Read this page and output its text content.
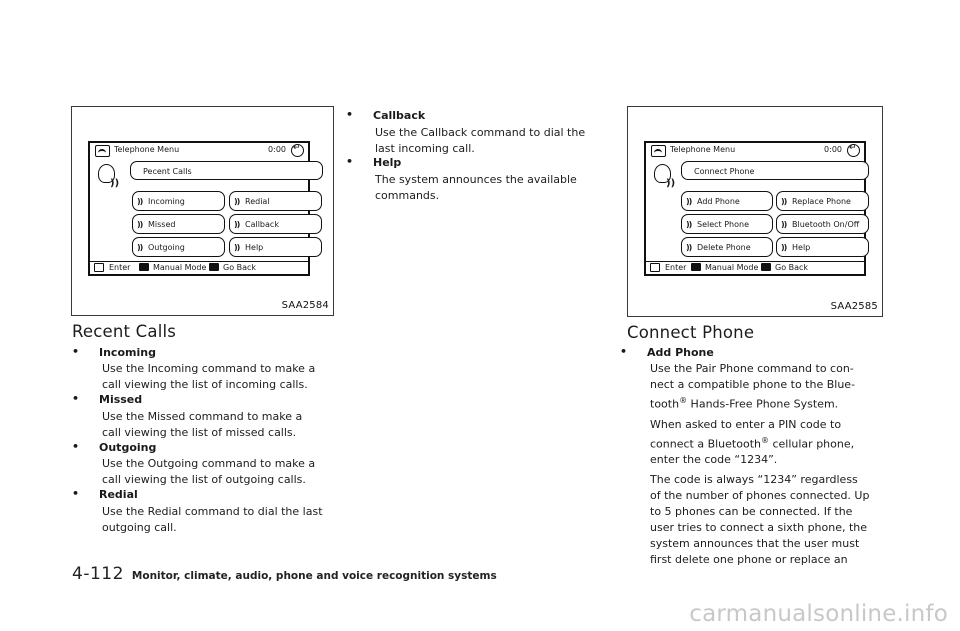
Telephone Menu	0:00
↵
))
Pecent Calls
)) Incoming	)) Redial
)) Missed	)) Callback
)) Outgoing	)) Help
Enter	Manual Mode Go Back
SAA2584
Telephone Menu	0:00
↵
))
Connect Phone
)) Add Phone	)) Replace Phone
)) Select Phone	)) Bluetooth On/Off
)) Delete Phone	)) Help
Enter Manual Mode Go Back
SAA2585
Recent Calls
• Incoming
Use the Incoming command to make a
call viewing the list of incoming calls.
• Missed
Use the Missed command to make a
call viewing the list of missed calls.
• Outgoing
Use the Outgoing command to make a
call viewing the list of outgoing calls.
• Redial
Use the Redial command to dial the last
outgoing call.
• Callback
Use the Callback command to dial the
last incoming call.
• Help
The system announces the available
commands.
Connect Phone
• Add Phone
Use the Pair Phone command to con-
nect a compatible phone to the Blue-
tooth® Hands-Free Phone System.
When asked to enter a PIN code to
connect a Bluetooth® cellular phone,
enter the code “1234”.
The code is always “1234” regardless
of the number of phones connected. Up
to 5 phones can be connected. If the
user tries to connect a sixth phone, the
system announces that the user must
first delete one phone or replace an
4-112 Monitor, climate, audio, phone and voice recognition systems
carmanualsonline.info
